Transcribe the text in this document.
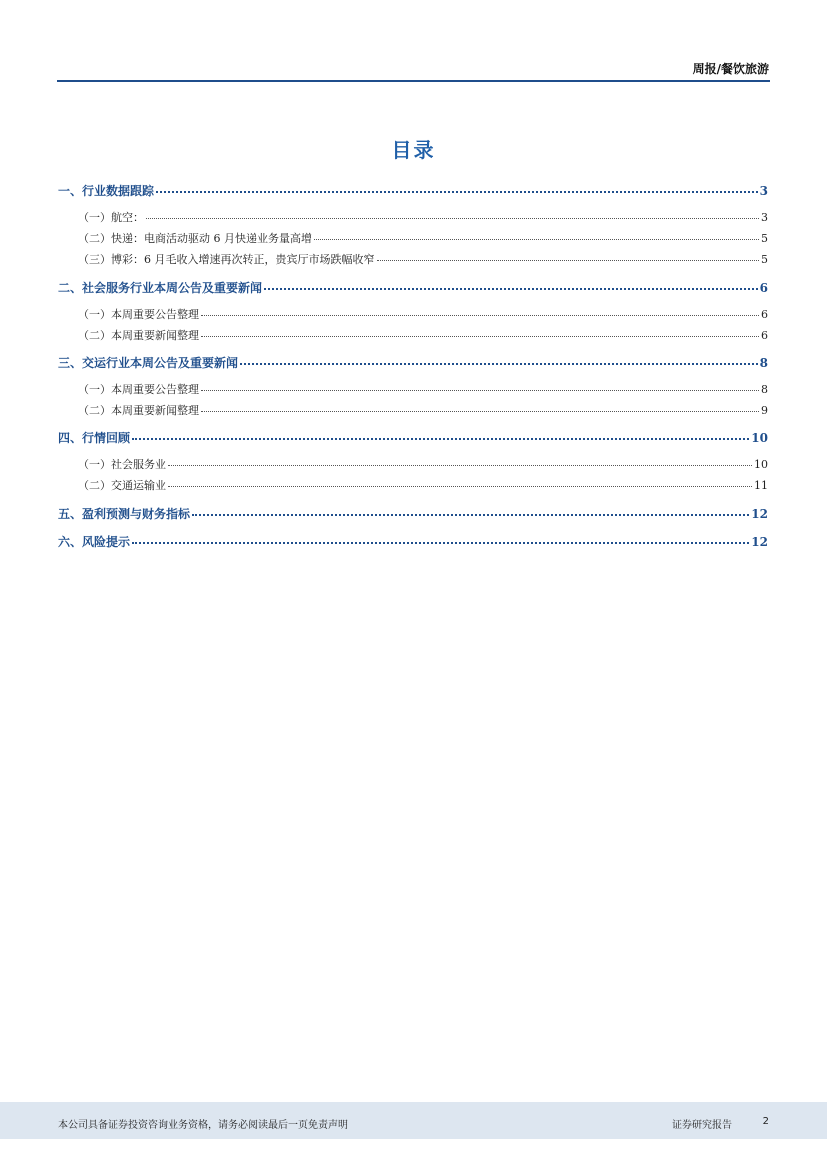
周报/餐饮旅游
目录
一、行业数据跟踪	3
（一）航空：	3
（二）快递：电商活动驱动 6 月快递业务量高增	5
（三）博彩：6 月毛收入增速再次转正，贵宾厅市场跌幅收窄	5
二、社会服务行业本周公告及重要新闻	6
（一）本周重要公告整理	6
（二）本周重要新闻整理	6
三、交运行业本周公告及重要新闻	8
（一）本周重要公告整理	8
（二）本周重要新闻整理	9
四、行情回顾	10
（一）社会服务业	10
（二）交通运输业	11
五、盈利预测与财务指标	12
六、风险提示	12
本公司具备证券投资咨询业务资格，请务必阅读最后一页免责声明	证券研究报告	2
